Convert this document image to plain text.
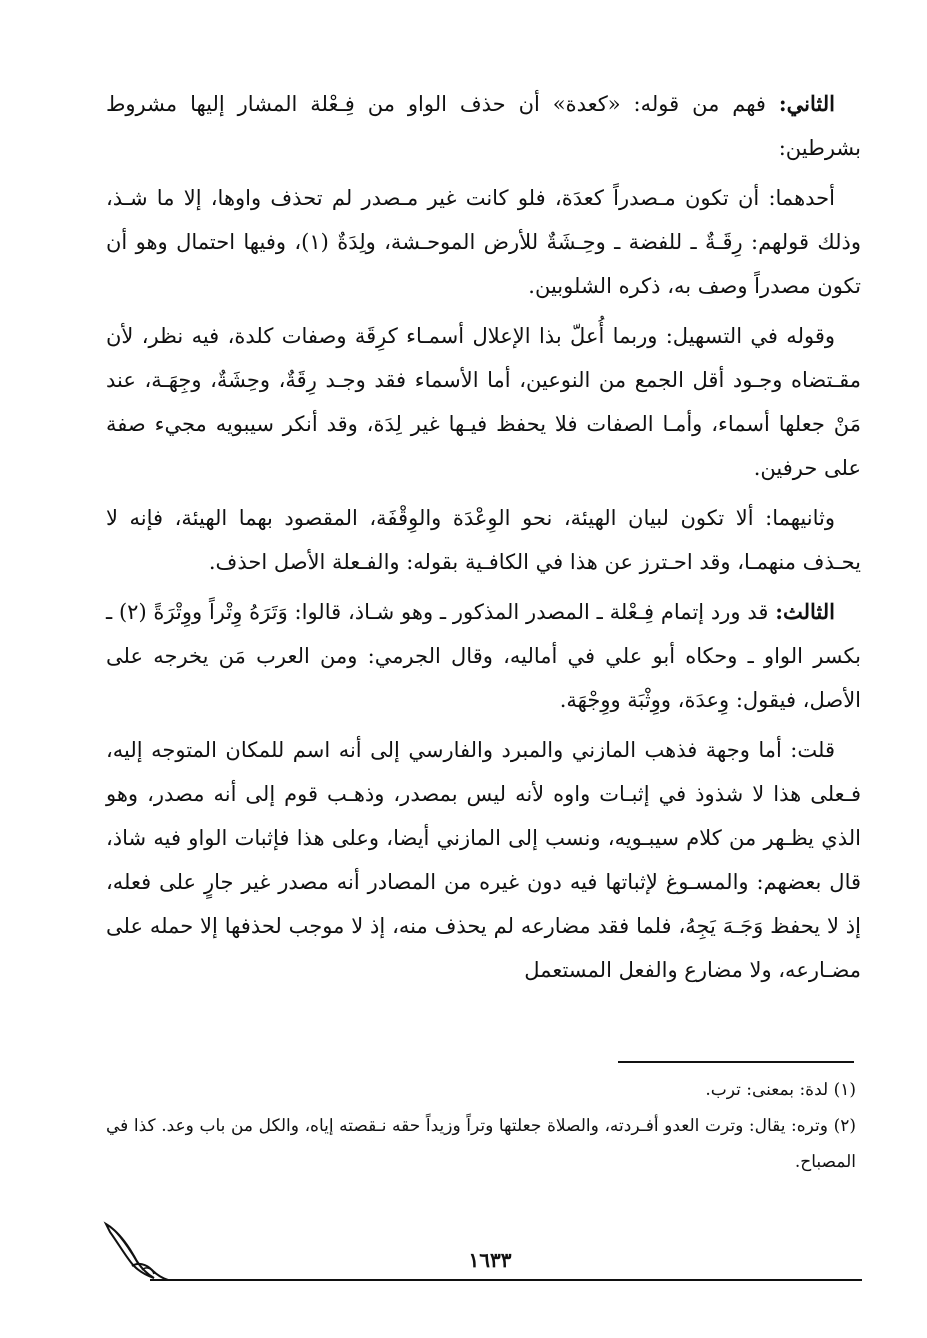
الثاني: فهم من قوله: «كعدة» أن حذف الواو من فِـعْلة المشار إليها مشروط بشرطين:

أحدهما: أن تكون مـصدراً كعدَة، فلو كانت غير مـصدر لم تحذف واوها، إلا ما شـذ، وذلك قولهم: رِقَـةٌ ـ للفضة ـ وحِـشَةٌ للأرض الموحـشة، ولِدَةٌ (١)، وفيها احتمال وهو أن تكون مصدراً وصف به، ذكره الشلوبين.

وقوله في التسهيل: وربما أُعلّ بذا الإعلال أسمـاء كرِقَة وصفات كلدة، فيه نظر، لأن مقـتضاه وجـود أقل الجمع من النوعين، أما الأسماء فقد وجـد رِقَةٌ، وحِشَةٌ، وجِهَـة، عند مَنْ جعلها أسماء، وأمـا الصفات فلا يحفظ فيـها غير لِدَة، وقد أنكر سيبويه مجيء صفة على حرفين.

وثانيهما: ألا تكون لبيان الهيئة، نحو الوِعْدَة والوِقْفَة، المقصود بهما الهيئة، فإنه لا يحـذف منهمـا، وقد احـترز عن هذا في الكافـية بقوله: والفـعلة الأصل احذف.

الثالث: قد ورد إتمام فِـعْلة ـ المصدر المذكور ـ وهو شـاذ، قالوا: وَتَرَهُ وِتْراً ووِتْرَةً (٢) ـ بكسر الواو ـ وحكاه أبو علي في أماليه، وقال الجرمي: ومن العرب مَن يخرجه على الأصل، فيقول: وِعدَة، ووِثْبَة ووِجْهَة.

قلت: أما وجهة فذهب المازني والمبرد والفارسي إلى أنه اسم للمكان المتوجه إليه، فـعلى هذا لا شذوذ في إثبـات واوه لأنه ليس بمصدر، وذهـب قوم إلى أنه مصدر، وهو الذي يظـهر من كلام سيبـويه، ونسب إلى المازني أيضا، وعلى هذا فإثبات الواو فيه شاذ، قال بعضهم: والمسـوغ لإثباتها فيه دون غيره من المصادر أنه مصدر غير جارٍ على فعله، إذ لا يحفظ وَجَـهَ يَجِهُ، فلما فقد مضارعه لم يحذف منه، إذ لا موجب لحذفها إلا حمله على مضـارعه، ولا مضارع والفعل المستعمل

(١) لدة: بمعنى: ترب.

(٢) وتره: يقال: وترت العدو أفـردته، والصلاة جعلتها وتراً وزيداً حقه نـقصته إياه، والكل من باب وعد. كذا في المصباح.

١٦٣٣
